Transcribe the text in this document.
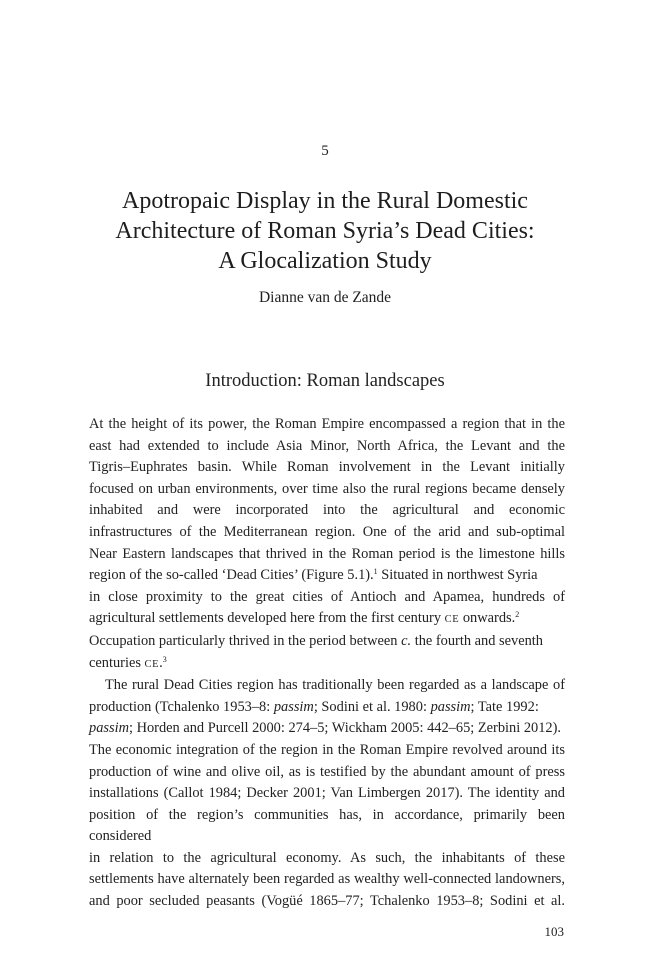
5
Apotropaic Display in the Rural Domestic
Architecture of Roman Syria’s Dead Cities:
A Glocalization Study
Dianne van de Zande
Introduction: Roman landscapes
At the height of its power, the Roman Empire encompassed a region that in the
east had extended to include Asia Minor, North Africa, the Levant and the
Tigris–Euphrates basin. While Roman involvement in the Levant initially
focused on urban environments, over time also the rural regions became densely
inhabited and were incorporated into the agricultural and economic
infrastructures of the Mediterranean region. One of the arid and sub-optimal
Near Eastern landscapes that thrived in the Roman period is the limestone hills
region of the so-called ‘Dead Cities’ (Figure 5.1).$^1$ Situated in northwest Syria
in close proximity to the great cities of Antioch and Apamea, hundreds of
agricultural settlements developed here from the first century CE onwards.$^2$
Occupation particularly thrived in the period between c. the fourth and seventh
centuries CE.$^3$
The rural Dead Cities region has traditionally been regarded as a landscape of
production (Tchalenko 1953–8: passim; Sodini et al. 1980: passim; Tate 1992:
passim; Horden and Purcell 2000: 274–5; Wickham 2005: 442–65; Zerbini 2012).
The economic integration of the region in the Roman Empire revolved around its
production of wine and olive oil, as is testified by the abundant amount of press
installations (Callot 1984; Decker 2001; Van Limbergen 2017). The identity and
position of the region’s communities has, in accordance, primarily been considered
in relation to the agricultural economy. As such, the inhabitants of these
settlements have alternately been regarded as wealthy well-connected landowners,
and poor secluded peasants (Vogüé 1865–77; Tchalenko 1953–8; Sodini et al.
103
